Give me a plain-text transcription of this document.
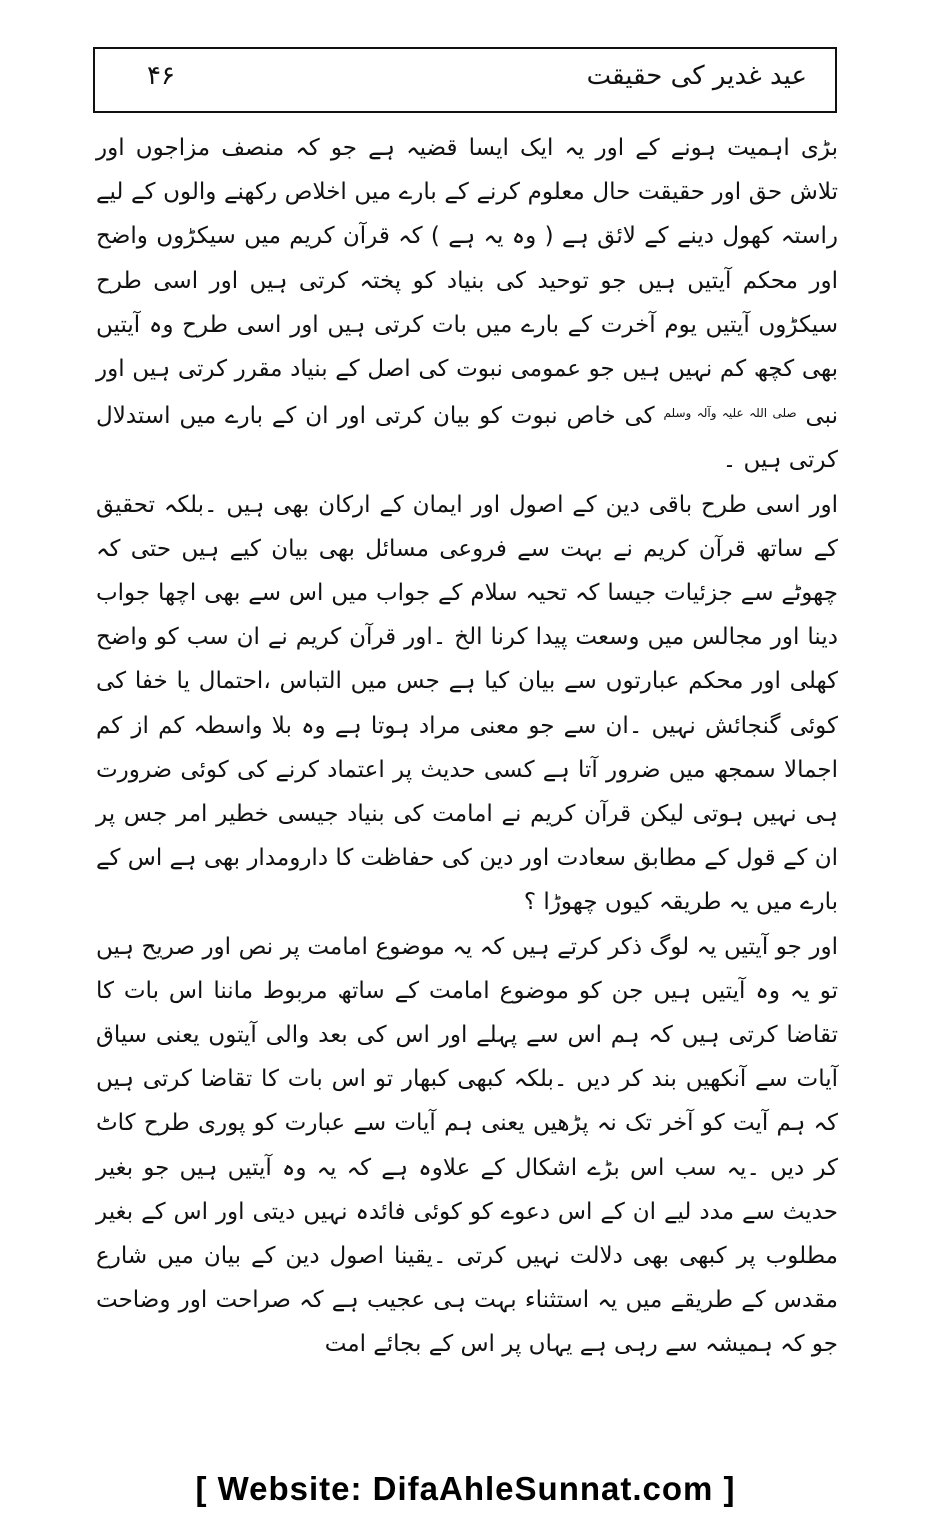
عید غدیر کی حقیقت
۴۶

بڑی اہمیت ہونے کے اور یہ ایک ایسا قضیہ ہے جو کہ منصف مزاجوں اور تلاش حق اور حقیقت حال معلوم کرنے کے بارے میں اخلاص رکھنے والوں کے لیے راستہ کھول دینے کے لائق ہے ( وہ یہ ہے ) کہ قرآن کریم میں سیکڑوں واضح اور محکم آیتیں ہیں جو توحید کی بنیاد کو پختہ کرتی ہیں اور اسی طرح سیکڑوں آیتیں یوم آخرت کے بارے میں بات کرتی ہیں اور اسی طرح وہ آیتیں بھی کچھ کم نہیں ہیں جو عمومی نبوت کی اصل کے بنیاد مقرر کرتی ہیں اور نبی $^{صلی اللہ علیہ وآلہ وسلم}$ کی خاص نبوت کو بیان کرتی اور ان کے بارے میں استدلال کرتی ہیں ۔

اور اسی طرح باقی دین کے اصول اور ایمان کے ارکان بھی ہیں ۔بلکہ تحقیق کے ساتھ قرآن کریم نے بہت سے فروعی مسائل بھی بیان کیے ہیں حتی کہ چھوٹے سے جزئیات جیسا کہ تحیہ سلام کے جواب میں اس سے بھی اچھا جواب دینا اور مجالس میں وسعت پیدا کرنا الخ ۔اور قرآن کریم نے ان سب کو واضح کھلی اور محکم عبارتوں سے بیان کیا ہے جس میں التباس ،احتمال یا خفا کی کوئی گنجائش نہیں ۔ان سے جو معنی مراد ہوتا ہے وہ بلا واسطہ کم از کم اجمالا سمجھ میں ضرور آتا ہے کسی حدیث پر اعتماد کرنے کی کوئی ضرورت ہی نہیں ہوتی لیکن قرآن کریم نے امامت کی بنیاد جیسی خطیر امر جس پر ان کے قول کے مطابق سعادت اور دین کی حفاظت کا دارومدار بھی ہے اس کے بارے میں یہ طریقہ کیوں چھوڑا ؟

اور جو آیتیں یہ لوگ ذکر کرتے ہیں کہ یہ موضوع امامت پر نص اور صریح ہیں تو یہ وہ آیتیں ہیں جن کو موضوع امامت کے ساتھ مربوط ماننا اس بات کا تقاضا کرتی ہیں کہ ہم اس سے پہلے اور اس کی بعد والی آیتوں یعنی سیاق آیات سے آنکھیں بند کر دیں ۔بلکہ کبھی کبھار تو اس بات کا تقاضا کرتی ہیں کہ ہم آیت کو آخر تک نہ پڑھیں یعنی ہم آیات سے عبارت کو پوری طرح کاٹ کر دیں ۔یہ سب اس بڑے اشکال کے علاوہ ہے کہ یہ وہ آیتیں ہیں جو بغیر حدیث سے مدد لیے ان کے اس دعوے کو کوئی فائدہ نہیں دیتی اور اس کے بغیر مطلوب پر کبھی بھی دلالت نہیں کرتی ۔یقینا اصول دین کے بیان میں شارع مقدس کے طریقے میں یہ استثناء بہت ہی عجیب ہے کہ صراحت اور وضاحت جو کہ ہمیشہ سے رہی ہے یہاں پر اس کے بجائے امت

[ Website: DifaAhleSunnat.com ]
